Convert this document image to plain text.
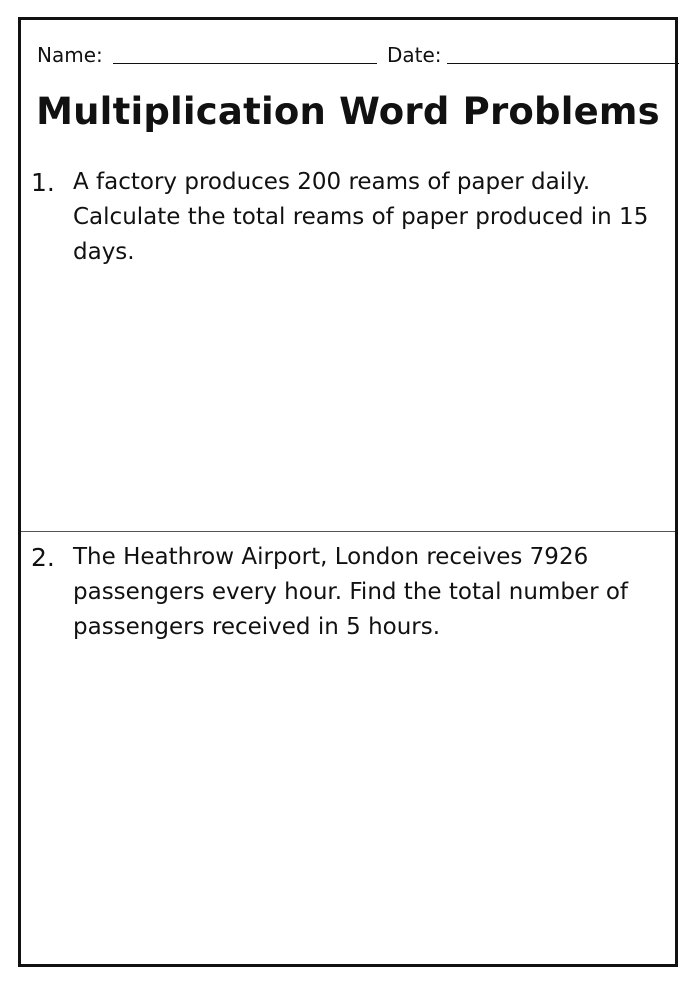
Name:	Date:
Multiplication Word Problems
1. A factory produces 200 reams of paper daily. Calculate the total reams of paper produced in 15 days.
2. The Heathrow Airport, London receives 7926 passengers every hour. Find the total number of passengers received in 5 hours.
